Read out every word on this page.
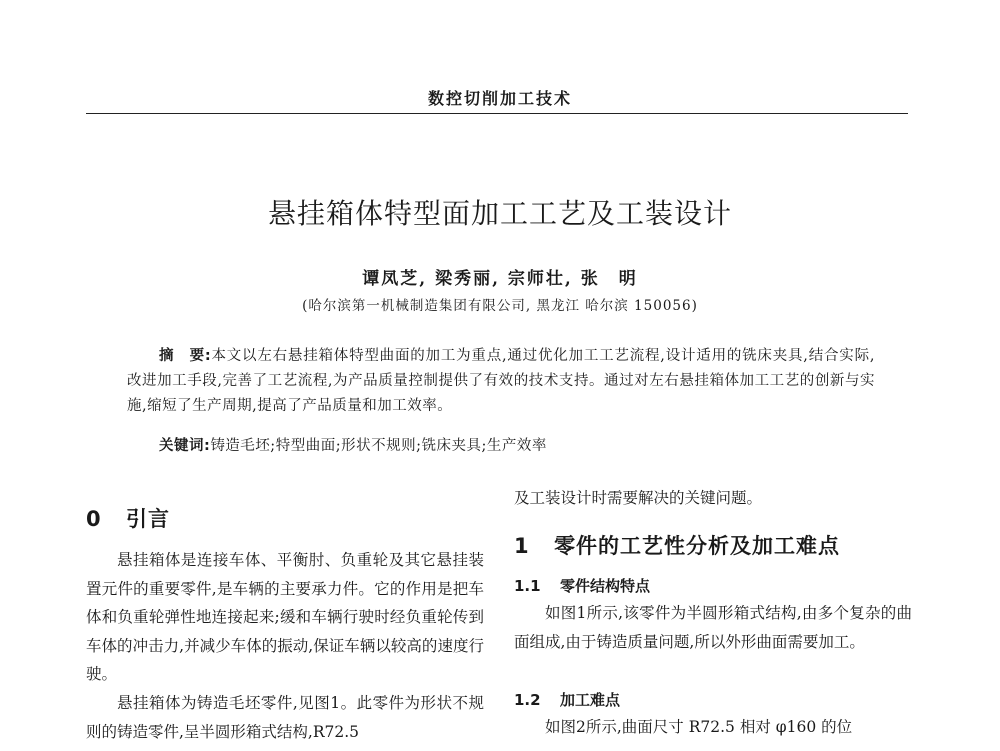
数控切削加工技术
悬挂箱体特型面加工工艺及工装设计
谭凤芝, 梁秀丽, 宗师壮, 张　明
(哈尔滨第一机械制造集团有限公司, 黑龙江 哈尔滨 150056)
摘　要:本文以左右悬挂箱体特型曲面的加工为重点,通过优化加工工艺流程,设计适用的铣床夹具,结合实际,改进加工手段,完善了工艺流程,为产品质量控制提供了有效的技术支持。通过对左右悬挂箱体加工工艺的创新与实施,缩短了生产周期,提高了产品质量和加工效率。
关键词:铸造毛坯;特型曲面;形状不规则;铣床夹具;生产效率
0 引言
悬挂箱体是连接车体、平衡肘、负重轮及其它悬挂装置元件的重要零件,是车辆的主要承力件。它的作用是把车体和负重轮弹性地连接起来;缓和车辆行驶时经负重轮传到车体的冲击力,并减少车体的振动,保证车辆以较高的速度行驶。
悬挂箱体为铸造毛坯零件,见图1。此零件为形状不规则的铸造零件,呈半圆形箱式结构,R72.5
及工装设计时需要解决的关键问题。
1 零件的工艺性分析及加工难点
1.1 零件结构特点
如图1所示,该零件为半圆形箱式结构,由多个复杂的曲面组成,由于铸造质量问题,所以外形曲面需要加工。
1.2 加工难点
如图2所示,曲面尺寸 R72.5 相对 φ160 的位
